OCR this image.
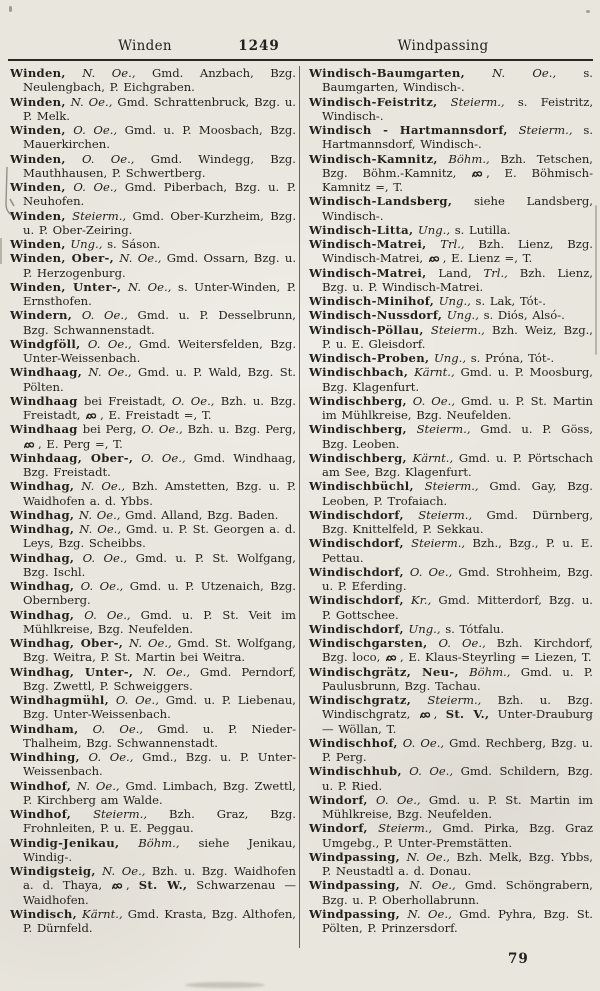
Winden	1249	Windpassing

Winden, N. Oe., Gmd. Anzbach, Bzg. Neulengbach, P. Eichgraben.

Winden, N. Oe., Gmd. Schrattenbruck, Bzg. u. P. Melk.

Winden, O. Oe., Gmd. u. P. Moosbach, Bzg. Mauerkirchen.

Winden, O. Oe., Gmd. Windegg, Bzg. Mauthhausen, P. Schwertberg.

Winden, O. Oe., Gmd. Piberbach, Bzg. u. P. Neuhofen.

Winden, Steierm., Gmd. Ober-Kurzheim, Bzg. u. P. Ober-Zeiring.

Winden, Ung., s. Sáson.

Winden, Ober-, N. Oe., Gmd. Ossarn, Bzg. u. P. Herzogenburg.

Winden, Unter-, N. Oe., s. Unter-Winden, P. Ernsthofen.

Windern, O. Oe., Gmd. u. P. Desselbrunn, Bzg. Schwannenstadt.

Windgföll, O. Oe., Gmd. Weitersfelden, Bzg. Unter-Weissenbach.

Windhaag, N. Oe., Gmd. u. P. Wald, Bzg. St. Pölten.

Windhaag bei Freistadt, O. Oe., Bzh. u. Bzg. Freistadt,
, E. Freistadt =, T.

Windhaag bei Perg, O. Oe., Bzh. u. Bzg. Perg,
, E. Perg =, T.

Winhdaag, Ober-, O. Oe., Gmd. Windhaag, Bzg. Freistadt.

Windhag, N. Oe., Bzh. Amstetten, Bzg. u. P. Waidhofen a. d. Ybbs.

Windhag, N. Oe., Gmd. Alland, Bzg. Baden.

Windhag, N. Oe., Gmd. u. P. St. Georgen a. d. Leys, Bzg. Scheibbs.

Windhag, O. Oe., Gmd. u. P. St. Wolfgang, Bzg. Ischl.

Windhag, O. Oe., Gmd. u. P. Utzenaich, Bzg. Obernberg.

Windhag, O. Oe., Gmd. u. P. St. Veit im Mühlkreise, Bzg. Neufelden.

Windhag, Ober-, N. Oe., Gmd. St. Wolfgang, Bzg. Weitra, P. St. Martin bei Weitra.

Windhag, Unter-, N. Oe., Gmd. Perndorf, Bzg. Zwettl, P. Schweiggers.

Windhagmühl, O. Oe., Gmd. u. P. Liebenau, Bzg. Unter-Weissenbach.

Windham, O. Oe., Gmd. u. P. Nieder-Thalheim, Bzg. Schwannenstadt.

Windhing, O. Oe., Gmd., Bzg. u. P. Unter-Weissenbach.

Windhof, N. Oe., Gmd. Limbach, Bzg. Zwettl, P. Kirchberg am Walde.

Windhof, Steierm., Bzh. Graz, Bzg. Frohnleiten, P. u. E. Peggau.

Windig-Jenikau, Böhm., siehe Jenikau, Windig-.

Windigsteig, N. Oe., Bzh. u. Bzg. Waidhofen a. d. Thaya,
, St. W., Schwarzenau — Waidhofen.

Windisch, Kärnt., Gmd. Krasta, Bzg. Althofen, P. Dürnfeld.

Windisch-Baumgarten, N. Oe., s. Baumgarten, Windisch-.

Windisch-Feistritz, Steierm., s. Feistritz, Windisch-.

Windisch - Hartmannsdorf, Steierm., s. Hartmannsdorf, Windisch-.

Windisch-Kamnitz, Böhm., Bzh. Tetschen, Bzg. Böhm.-Kamnitz,
, E. Böhmisch-Kamnitz =, T.

Windisch-Landsberg, siehe Landsberg, Windisch-.

Windisch-Litta, Ung., s. Lutilla.

Windisch-Matrei, Trl., Bzh. Lienz, Bzg. Windisch-Matrei,
, E. Lienz =, T.

Windisch-Matrei, Land, Trl., Bzh. Lienz, Bzg. u. P. Windisch-Matrei.

Windisch-Minihof, Ung., s. Lak, Tót-.

Windisch-Nussdorf, Ung., s. Diós, Alsó-.

Windisch-Pöllau, Steierm., Bzh. Weiz, Bzg., P. u. E. Gleisdorf.

Windisch-Proben, Ung., s. Próna, Tót-.

Windischbach, Kärnt., Gmd. u. P. Moosburg, Bzg. Klagenfurt.

Windischberg, O. Oe., Gmd. u. P. St. Martin im Mühlkreise, Bzg. Neufelden.

Windischberg, Steierm., Gmd. u. P. Göss, Bzg. Leoben.

Windischberg, Kärnt., Gmd. u. P. Pörtschach am See, Bzg. Klagenfurt.

Windischbüchl, Steierm., Gmd. Gay, Bzg. Leoben, P. Trofaiach.

Windischdorf, Steierm., Gmd. Dürnberg, Bzg. Knittelfeld, P. Sekkau.

Windischdorf, Steierm., Bzh., Bzg., P. u. E. Pettau.

Windischdorf, O. Oe., Gmd. Strohheim, Bzg. u. P. Eferding.

Windischdorf, Kr., Gmd. Mitterdorf, Bzg. u. P. Gottschee.

Windischdorf, Ung., s. Tótfalu.

Windischgarsten, O. Oe., Bzh. Kirchdorf, Bzg. loco,
, E. Klaus-Steyrling = Liezen, T.

Windischgrätz, Neu-, Böhm., Gmd. u. P. Paulusbrunn, Bzg. Tachau.

Windischgratz, Steierm., Bzh. u. Bzg. Windischgratz,
, St. V., Unter-Drauburg — Wöllan, T.

Windischhof, O. Oe., Gmd. Rechberg, Bzg. u. P. Perg.

Windischhub, O. Oe., Gmd. Schildern, Bzg. u. P. Ried.

Windorf, O. Oe., Gmd. u. P. St. Martin im Mühlkreise, Bzg. Neufelden.

Windorf, Steierm., Gmd. Pirka, Bzg. Graz Umgebg., P. Unter-Premstätten.

Windpassing, N. Oe., Bzh. Melk, Bzg. Ybbs, P. Neustadtl a. d. Donau.

Windpassing, N. Oe., Gmd. Schöngrabern, Bzg. u. P. Oberhollabrunn.

Windpassing, N. Oe., Gmd. Pyhra, Bzg. St. Pölten, P. Prinzersdorf.

79
